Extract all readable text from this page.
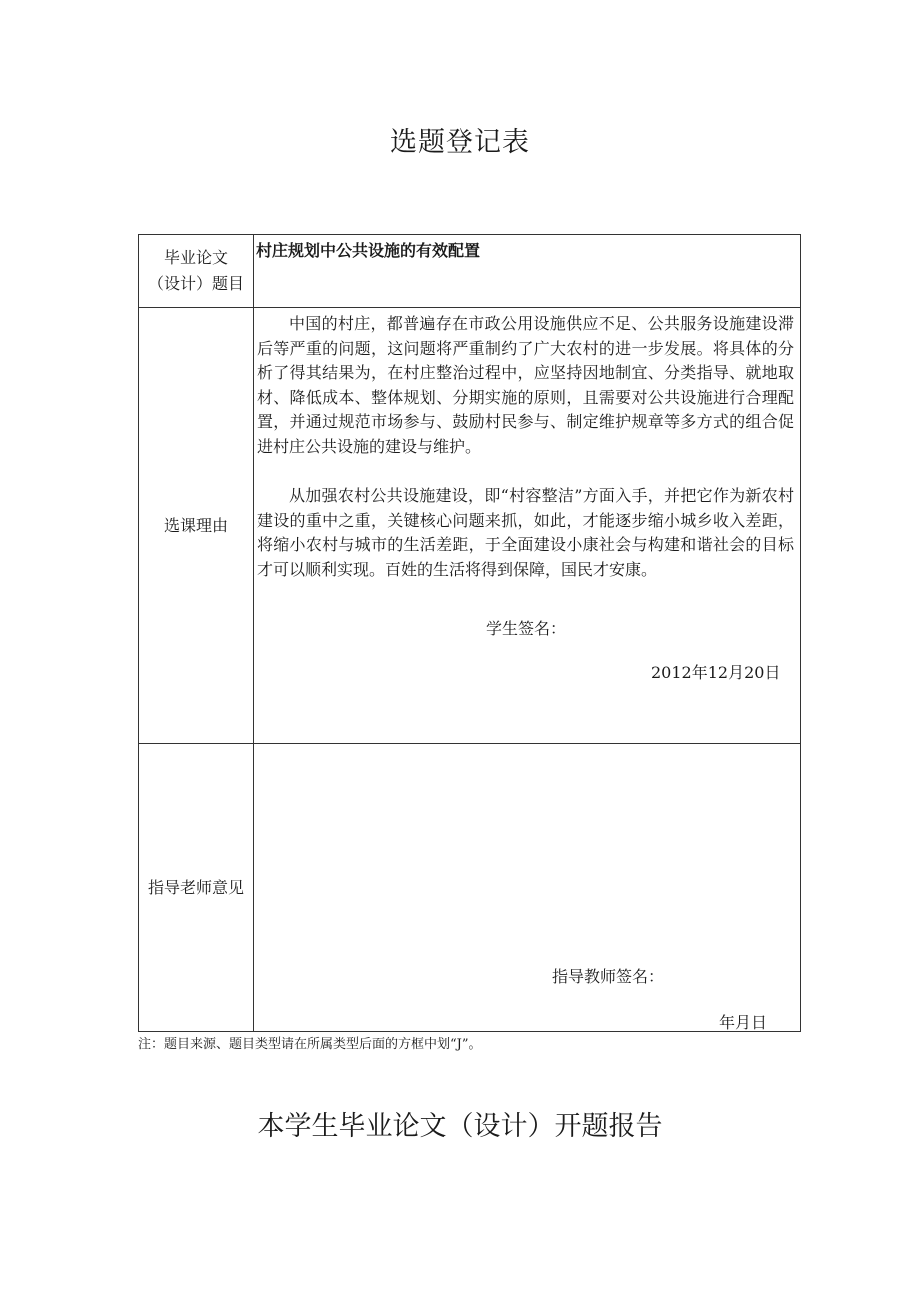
选题登记表
毕业论文
（设计）题目
村庄规划中公共设施的有效配置
选课理由

中国的村庄，都普遍存在市政公用设施供应不足、公共服务设施建设滞后等严重的问题，这问题将严重制约了广大农村的进一步发展。将具体的分析了得其结果为，在村庄整治过程中，应坚持因地制宜、分类指导、就地取材、降低成本、整体规划、分期实施的原则，且需要对公共设施进行合理配置，并通过规范市场参与、鼓励村民参与、制定维护规章等多方式的组合促进村庄公共设施的建设与维护。

从加强农村公共设施建设，即“村容整洁”方面入手，并把它作为新农村建设的重中之重，关键核心问题来抓，如此，才能逐步缩小城乡收入差距，将缩小农村与城市的生活差距，于全面建设小康社会与构建和谐社会的目标才可以顺利实现。百姓的生活将得到保障，国民才安康。

学生签名：
2012年12月20日
指导老师意见
指导教师签名：
年月日
注：题目来源、题目类型请在所属类型后面的方框中划“J”。
本学生毕业论文（设计）开题报告
